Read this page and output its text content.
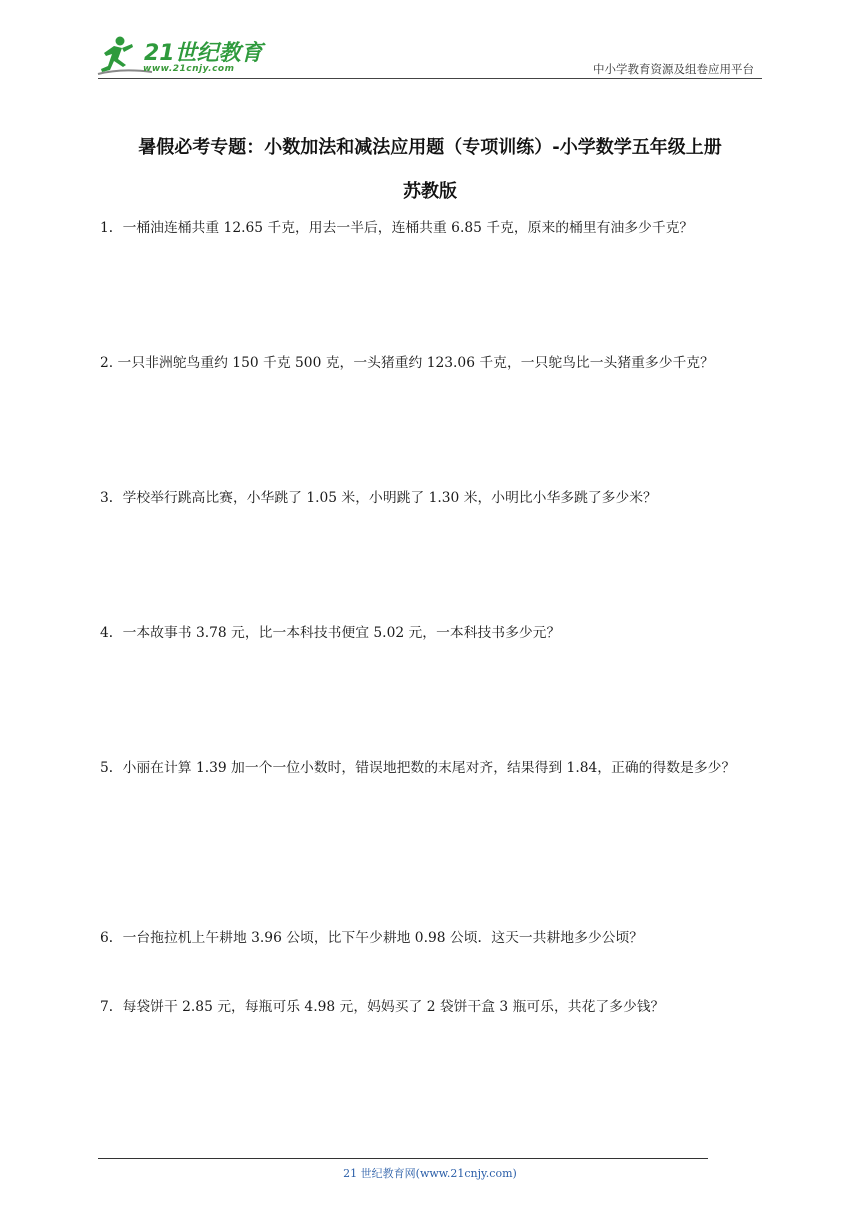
21世纪教育
www.21cnjy.com	中小学教育资源及组卷应用平台
暑假必考专题：小数加法和减法应用题（专项训练）-小学数学五年级上册
苏教版
1．一桶油连桶共重 12.65 千克，用去一半后，连桶共重 6.85 千克，原来的桶里有油多少千克？
2. 一只非洲鸵鸟重约 150 千克 500 克，一头猪重约 123.06 千克，一只鸵鸟比一头猪重多少千克？
3．学校举行跳高比赛，小华跳了 1.05 米，小明跳了 1.30 米，小明比小华多跳了多少米？
4．一本故事书 3.78 元，比一本科技书便宜 5.02 元，一本科技书多少元？
5．小丽在计算 1.39 加一个一位小数时，错误地把数的末尾对齐，结果得到 1.84，正确的得数是多少？
6．一台拖拉机上午耕地 3.96 公顷，比下午少耕地 0.98 公顷．这天一共耕地多少公顷？
7．每袋饼干 2.85 元，每瓶可乐 4.98 元，妈妈买了 2 袋饼干盒 3 瓶可乐，共花了多少钱？
21 世纪教育网(www.21cnjy.com)
